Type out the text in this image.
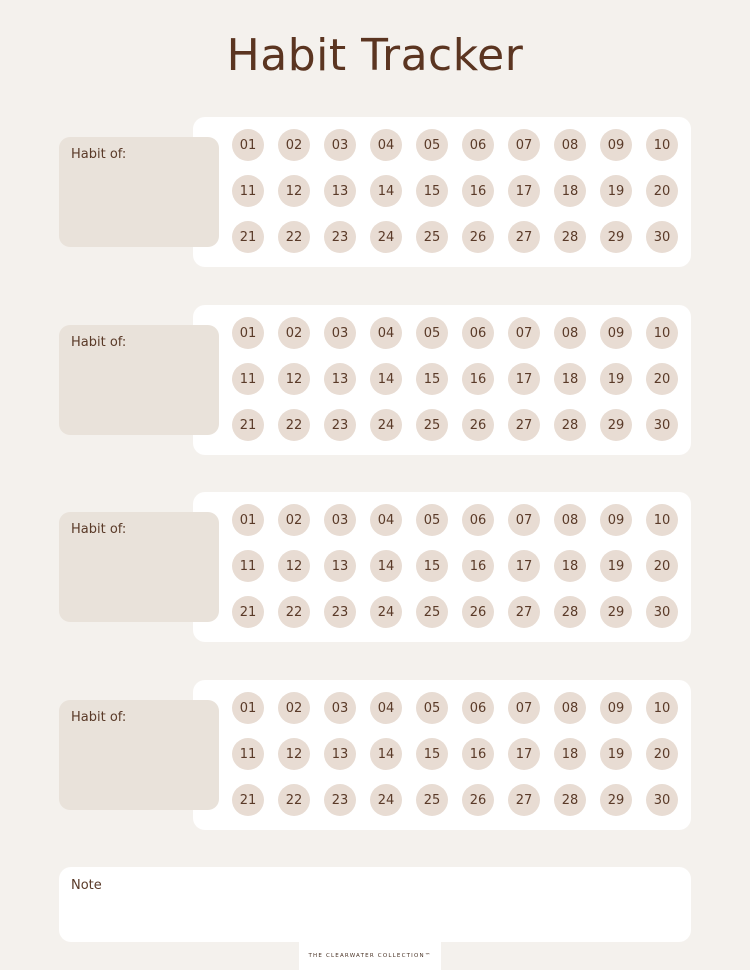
Habit Tracker
Habit of:
01	02	03	04	05	06	07	08	09	10
11	12	13	14	15	16	17	18	19	20
21	22	23	24	25	26	27	28	29	30
Habit of:
01	02	03	04	05	06	07	08	09	10
11	12	13	14	15	16	17	18	19	20
21	22	23	24	25	26	27	28	29	30
Habit of:
01	02	03	04	05	06	07	08	09	10
11	12	13	14	15	16	17	18	19	20
21	22	23	24	25	26	27	28	29	30
Habit of:
01	02	03	04	05	06	07	08	09	10
11	12	13	14	15	16	17	18	19	20
21	22	23	24	25	26	27	28	29	30
Note
THE CLEARWATER COLLECTION™
